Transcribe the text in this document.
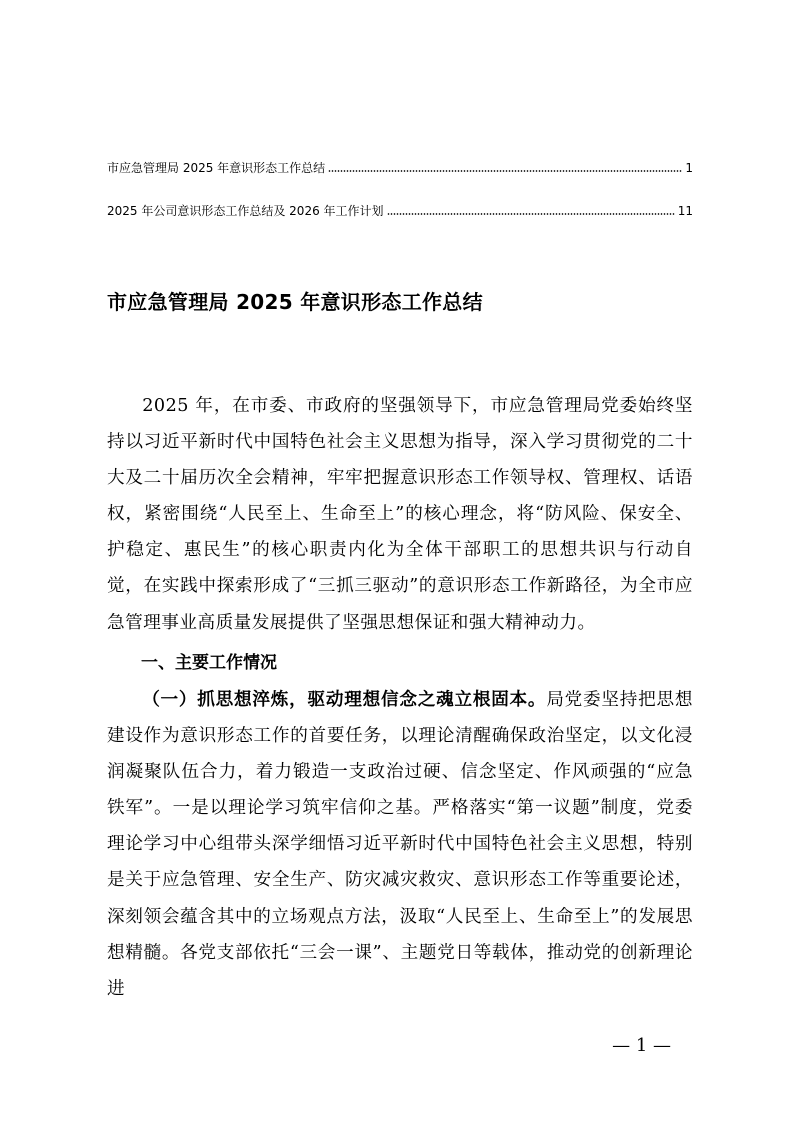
市应急管理局 2025 年意识形态工作总结	1
2025 年公司意识形态工作总结及 2026 年工作计划	11
市应急管理局 2025 年意识形态工作总结

2025 年，在市委、市政府的坚强领导下，市应急管理局党委始终坚持以习近平新时代中国特色社会主义思想为指导，深入学习贯彻党的二十大及二十届历次全会精神，牢牢把握意识形态工作领导权、管理权、话语权，紧密围绕“人民至上、生命至上”的核心理念，将“防风险、保安全、护稳定、惠民生”的核心职责内化为全体干部职工的思想共识与行动自觉，在实践中探索形成了“三抓三驱动”的意识形态工作新路径，为全市应急管理事业高质量发展提供了坚强思想保证和强大精神动力。

一、主要工作情况

（一）抓思想淬炼，驱动理想信念之魂立根固本。局党委坚持把思想建设作为意识形态工作的首要任务，以理论清醒确保政治坚定，以文化浸润凝聚队伍合力，着力锻造一支政治过硬、信念坚定、作风顽强的“应急铁军”。一是以理论学习筑牢信仰之基。严格落实“第一议题”制度，党委理论学习中心组带头深学细悟习近平新时代中国特色社会主义思想，特别是关于应急管理、安全生产、防灾减灾救灾、意识形态工作等重要论述，深刻领会蕴含其中的立场观点方法，汲取“人民至上、生命至上”的发展思想精髓。各党支部依托“三会一课”、主题党日等载体，推动党的创新理论进

— 1 —
